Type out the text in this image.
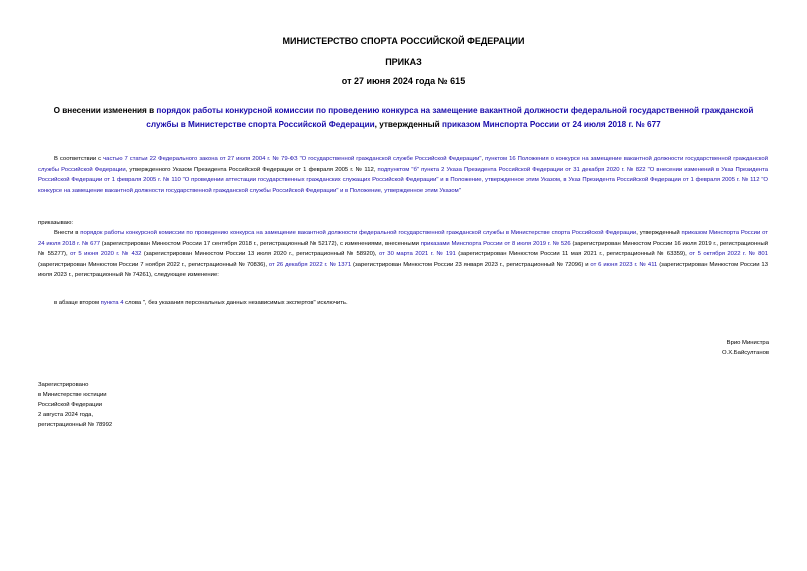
МИНИСТЕРСТВО СПОРТА РОССИЙСКОЙ ФЕДЕРАЦИИ
ПРИКАЗ
от 27 июня 2024 года № 615
О внесении изменения в порядок работы конкурсной комиссии по проведению конкурса на замещение вакантной должности федеральной государственной гражданской службы в Министерстве спорта Российской Федерации, утвержденный приказом Минспорта России от 24 июля 2018 г. № 677
В соответствии с частью 7 статьи 22 Федерального закона от 27 июля 2004 г. № 79-ФЗ "О государственной гражданской службе Российской Федерации", пунктом 16 Положения о конкурсе на замещение вакантной должности государственной гражданской службы Российской Федерации, утвержденного Указом Президента Российской Федерации от 1 февраля 2005 г. № 112, подпунктом "б" пункта 2 Указа Президента Российской Федерации от 31 декабря 2020 г. № 822 "О внесении изменений в Указ Президента Российской Федерации от 1 февраля 2005 г. № 110 "О проведении аттестации государственных гражданских служащих Российской Федерации" и в Положение, утвержденное этим Указом, в Указ Президента Российской Федерации от 1 февраля 2005 г. № 112 "О конкурсе на замещение вакантной должности государственной гражданской службы Российской Федерации" и в Положение, утвержденное этим Указом"
приказываю:
Внести в порядок работы конкурсной комиссии по проведению конкурса на замещение вакантной должности федеральной государственной гражданской службы в Министерстве спорта Российской Федерации, утвержденный приказом Минспорта России от 24 июля 2018 г. № 677 (зарегистрирован Минюстом России 17 сентября 2018 г., регистрационный № 52172), с изменениями, внесенными приказами Минспорта России от 8 июля 2019 г. № 526 (зарегистрирован Минюстом России 16 июля 2019 г., регистрационный № 55277), от 5 июня 2020 г. № 432 (зарегистрирован Минюстом России 13 июля 2020 г., регистрационный № 58920), от 30 марта 2021 г. № 191 (зарегистрирован Минюстом России 11 мая 2021 г., регистрационный № 63359), от 5 октября 2022 г. № 801 (зарегистрирован Минюстом России 7 ноября 2022 г., регистрационный № 70836), от 26 декабря 2022 г. № 1371 (зарегистрирован Минюстом России 23 января 2023 г., регистрационный № 72096) и от 6 июня 2023 г. № 411 (зарегистрирован Минюстом России 13 июля 2023 г., регистрационный № 74261), следующее изменение:
в абзаце втором пункта 4 слова ", без указания персональных данных независимых экспертов" исключить.
Врио Министра
О.Х.Байсултанов
Зарегистрировано
в Министерстве юстиции
Российской Федерации
2 августа 2024 года,
регистрационный № 78992
